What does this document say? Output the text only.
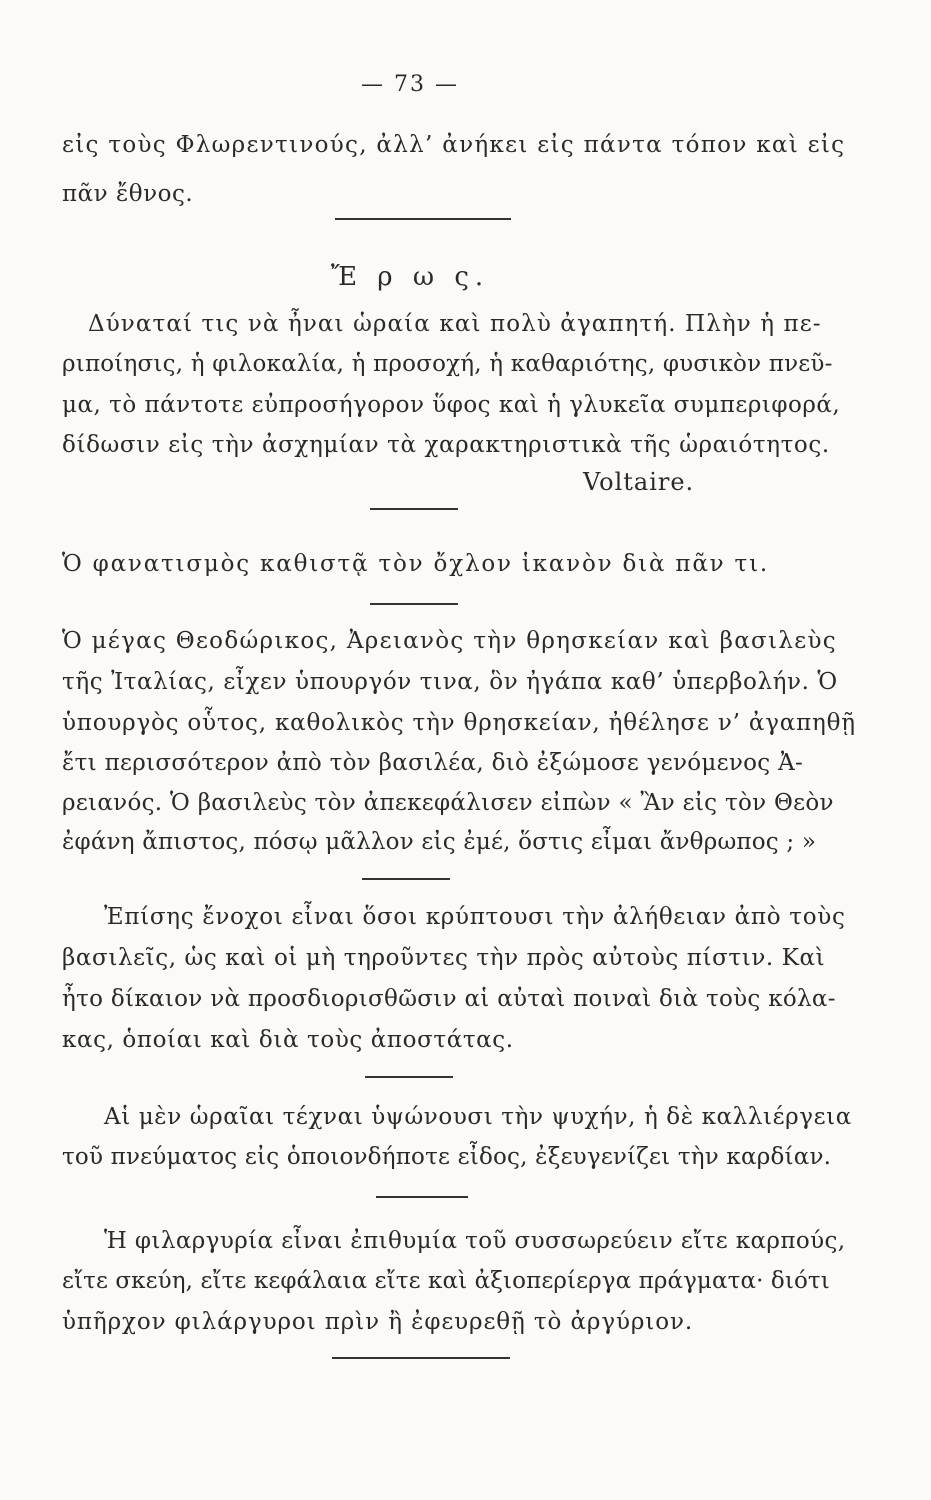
— 73 —
εἰς τοὺς Φλωρεντινούς, ἀλλ’ ἀνήκει εἰς πάντα τόπον καὶ εἰς
πᾶν ἔθνος.
Ἔ ρ ω ς.
Δύναταί τις νὰ ἦναι ὡραία καὶ πολὺ ἀγαπητή. Πλὴν ἡ πε-
ριποίησις, ἡ φιλοκαλία, ἡ προσοχή, ἡ καθαριότης, φυσικὸν πνεῦ-
μα, τὸ πάντοτε εὐπροσήγορον ὕφος καὶ ἡ γλυκεῖα συμπεριφορά,
δίδωσιν εἰς τὴν ἀσχημίαν τὰ χαρακτηριστικὰ τῆς ὡραιότητος.
Voltaire.
Ὁ φανατισμὸς καθιστᾷ τὸν ὄχλον ἱκανὸν διὰ πᾶν τι.
Ὁ μέγας Θεοδώρικος, Ἀρειανὸς τὴν θρησκείαν καὶ βασιλεὺς
τῆς Ἰταλίας, εἶχεν ὑπουργόν τινα, ὃν ἠγάπα καθ’ ὑπερβολήν. Ὁ
ὑπουργὸς οὗτος, καθολικὸς τὴν θρησκείαν, ἠθέλησε ν’ ἀγαπηθῇ
ἔτι περισσότερον ἀπὸ τὸν βασιλέα, διὸ ἐξώμοσε γενόμενος Ἀ-
ρειανός. Ὁ βασιλεὺς τὸν ἀπεκεφάλισεν εἰπὼν « Ἂν εἰς τὸν Θεὸν
ἐφάνη ἄπιστος, πόσῳ μᾶλλον εἰς ἐμέ, ὅστις εἶμαι ἄνθρωπος ; »
Ἐπίσης ἔνοχοι εἶναι ὅσοι κρύπτουσι τὴν ἀλήθειαν ἀπὸ τοὺς
βασιλεῖς, ὡς καὶ οἱ μὴ τηροῦντες τὴν πρὸς αὐτοὺς πίστιν. Καὶ
ἦτο δίκαιον νὰ προσδιορισθῶσιν αἱ αὐταὶ ποιναὶ διὰ τοὺς κόλα-
κας, ὁποίαι καὶ διὰ τοὺς ἀποστάτας.
Αἱ μὲν ὡραῖαι τέχναι ὑψώνουσι τὴν ψυχήν, ἡ δὲ καλλιέργεια
τοῦ πνεύματος εἰς ὁποιονδήποτε εἶδος, ἐξευγενίζει τὴν καρδίαν.
Ἡ φιλαργυρία εἶναι ἐπιθυμία τοῦ συσσωρεύειν εἴτε καρπούς,
εἴτε σκεύη, εἴτε κεφάλαια εἴτε καὶ ἀξιοπερίεργα πράγματα· διότι
ὑπῆρχον φιλάργυροι πρὶν ἢ ἐφευρεθῇ τὸ ἀργύριον.
